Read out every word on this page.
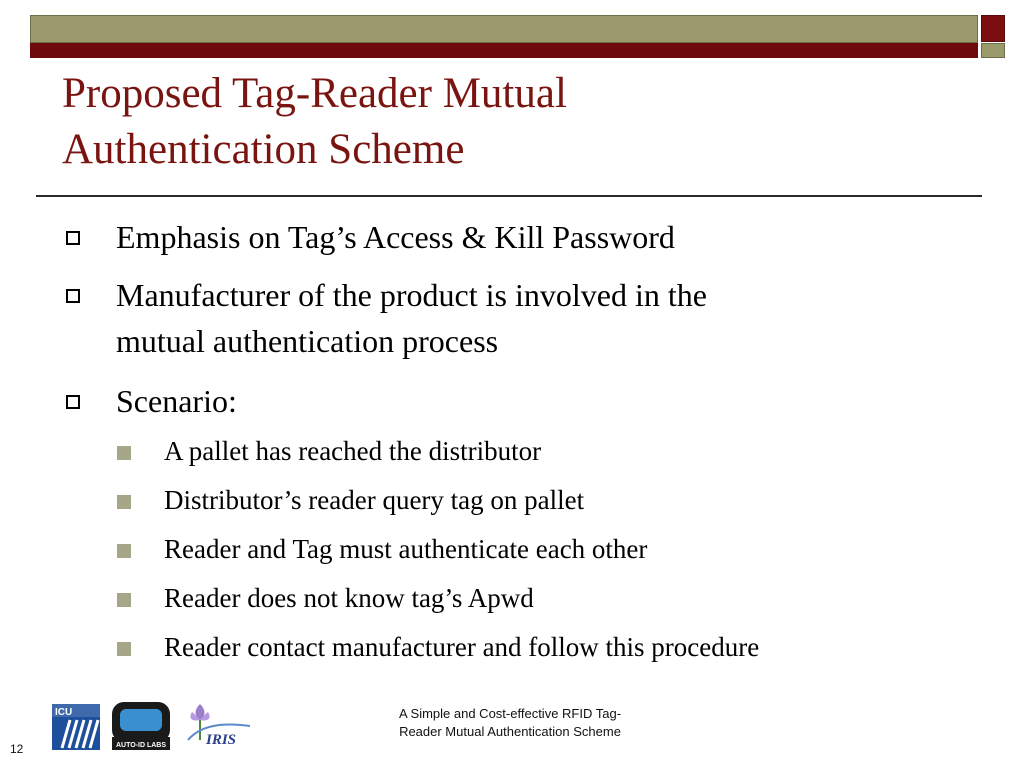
Proposed Tag-Reader Mutual
Authentication Scheme
Emphasis on Tag’s Access & Kill Password
Manufacturer of the product is involved in the
mutual authentication process
Scenario:
A pallet has reached the distributor
Distributor’s reader query tag on pallet
Reader and Tag must authenticate each other
Reader does not know tag’s Apwd
Reader contact manufacturer and follow this procedure
ICU
AUTO-ID LABS	IRIS
A Simple and Cost-effective RFID Tag-
Reader Mutual Authentication Scheme
12
